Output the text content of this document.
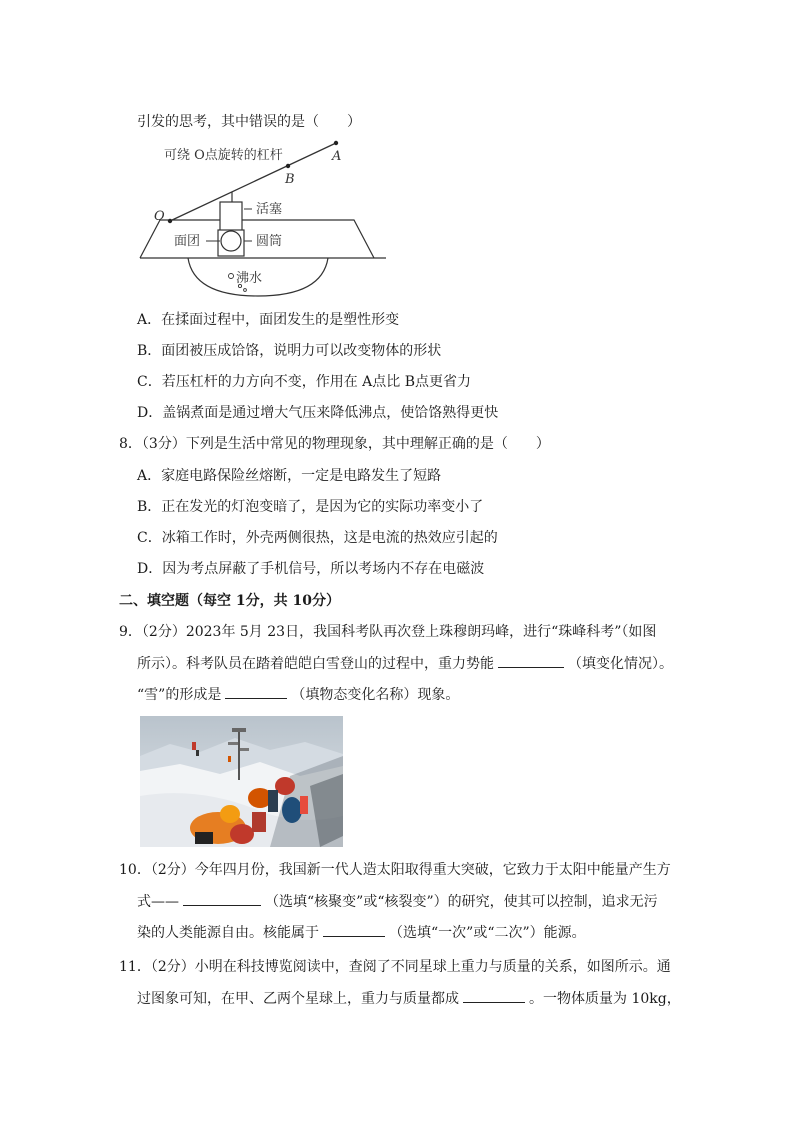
引发的思考，其中错误的是（　　）
可绕 O点旋转的杠杆	A
B
O	活塞
面团	圆筒
沸水
A．在揉面过程中，面团发生的是塑性形变
B．面团被压成饸饹，说明力可以改变物体的形状
C．若压杠杆的力方向不变，作用在 A点比 B点更省力
D．盖锅煮面是通过增大气压来降低沸点，使饸饹熟得更快
8．（3分）下列是生活中常见的物理现象，其中理解正确的是（　　）
A．家庭电路保险丝熔断，一定是电路发生了短路
B．正在发光的灯泡变暗了，是因为它的实际功率变小了
C．冰箱工作时，外壳两侧很热，这是电流的热效应引起的
D．因为考点屏蔽了手机信号，所以考场内不存在电磁波
二、填空题（每空 1分，共 10分）
9．（2分）2023年 5月 23日，我国科考队再次登上珠穆朗玛峰，进行“珠峰科考”（如图
所示）。科考队员在踏着皑皑白雪登山的过程中，重力势能	（填变化情况）。
“雪”的形成是	（填物态变化名称）现象。
10．（2分）今年四月份，我国新一代人造太阳取得重大突破，它致力于太阳中能量产生方
式——	（选填“核聚变”或“核裂变”）的研究，使其可以控制，追求无污
染的人类能源自由。核能属于	（选填“一次”或“二次”）能源。
11．（2分）小明在科技博览阅读中，查阅了不同星球上重力与质量的关系，如图所示。通
过图象可知，在甲、乙两个星球上，重力与质量都成	。一物体质量为 10kg，
